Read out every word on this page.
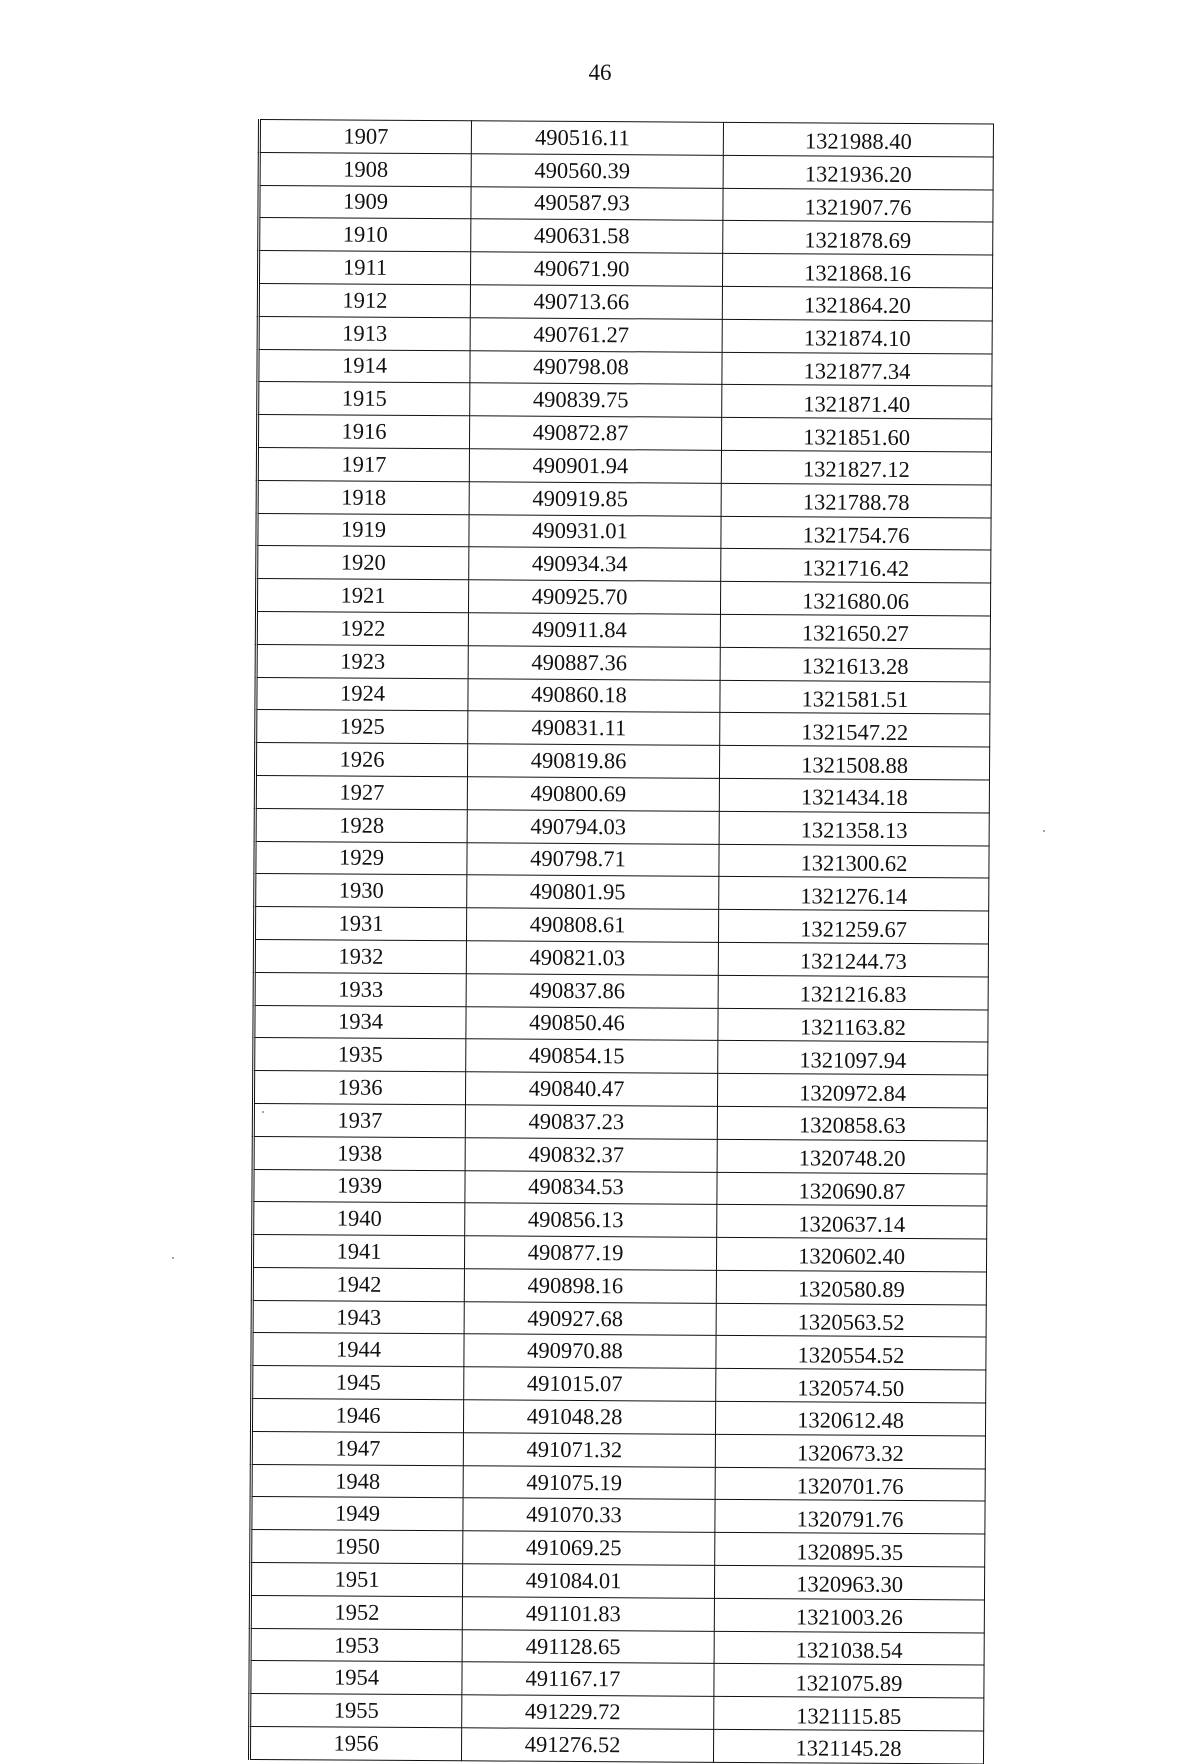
46
1907	490516.11	1321988.40
1908	490560.39	1321936.20
1909	490587.93	1321907.76
1910	490631.58	1321878.69
1911	490671.90	1321868.16
1912	490713.66	1321864.20
1913	490761.27	1321874.10
1914	490798.08	1321877.34
1915	490839.75	1321871.40
1916	490872.87	1321851.60
1917	490901.94	1321827.12
1918	490919.85	1321788.78
1919	490931.01	1321754.76
1920	490934.34	1321716.42
1921	490925.70	1321680.06
1922	490911.84	1321650.27
1923	490887.36	1321613.28
1924	490860.18	1321581.51
1925	490831.11	1321547.22
1926	490819.86	1321508.88
1927	490800.69	1321434.18
1928	490794.03	1321358.13
1929	490798.71	1321300.62
1930	490801.95	1321276.14
1931	490808.61	1321259.67
1932	490821.03	1321244.73
1933	490837.86	1321216.83
1934	490850.46	1321163.82
1935	490854.15	1321097.94
1936	490840.47	1320972.84
1937	490837.23	1320858.63
1938	490832.37	1320748.20
1939	490834.53	1320690.87
1940	490856.13	1320637.14
1941	490877.19	1320602.40
1942	490898.16	1320580.89
1943	490927.68	1320563.52
1944	490970.88	1320554.52
1945	491015.07	1320574.50
1946	491048.28	1320612.48
1947	491071.32	1320673.32
1948	491075.19	1320701.76
1949	491070.33	1320791.76
1950	491069.25	1320895.35
1951	491084.01	1320963.30
1952	491101.83	1321003.26
1953	491128.65	1321038.54
1954	491167.17	1321075.89
1955	491229.72	1321115.85
1956	491276.52	1321145.28
